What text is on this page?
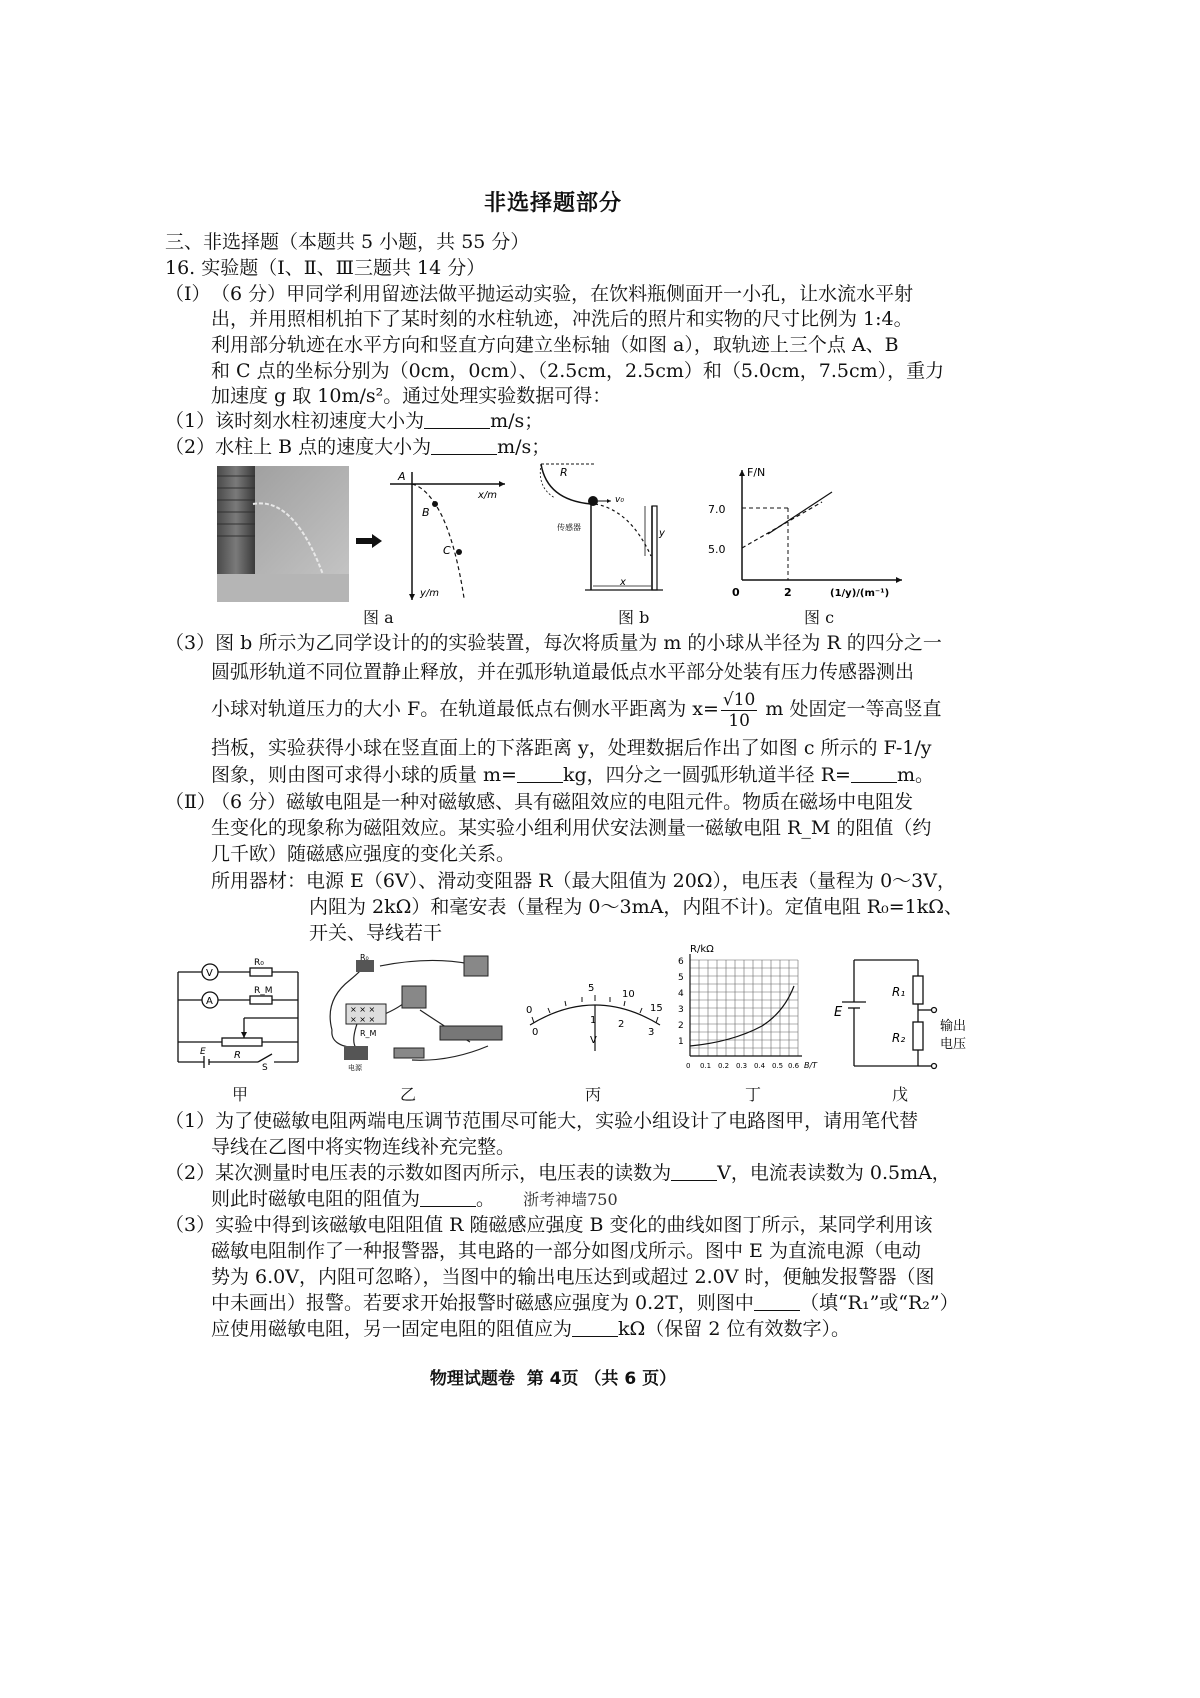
非选择题部分
三、非选择题（本题共 5 小题，共 55 分）
16. 实验题（Ⅰ、Ⅱ、Ⅲ三题共 14 分）
（Ⅰ） （6 分）甲同学利用留迹法做平抛运动实验，在饮料瓶侧面开一小孔，让水流水平射
出，并用照相机拍下了某时刻的水柱轨迹，冲洗后的照片和实物的尺寸比例为 1:4。
利用部分轨迹在水平方向和竖直方向建立坐标轴（如图 a），取轨迹上三个点 A、B
和 C 点的坐标分别为（0cm，0cm）、（2.5cm，2.5cm）和（5.0cm，7.5cm），重力
加速度 g 取 10m/s²。通过处理实验数据可得：
（1）该时刻水柱初速度大小为	m/s；
（2）水柱上 B 点的速度大小为	m/s；
A
B
C
x/m
y/m
R
v₀
传感器
y
x
F/N
7.0
5.0
0	2	(1/y)/(m⁻¹)
图 a	图 b	图 c
（3）图 b 所示为乙同学设计的的实验装置，每次将质量为 m 的小球从半径为 R 的四分之一
圆弧形轨道不同位置静止释放，并在弧形轨道最低点水平部分处装有压力传感器测出
小球对轨道压力的大小 F。在轨道最低点右侧水平距离为 $x= \frac{√10}{10}$ m 处固定一等高竖直
挡板，实验获得小球在竖直面上的下落距离 y，处理数据后作出了如图 c 所示的 F-1/y
图象，则由图可求得小球的质量 m= kg，四分之一圆弧形轨道半径 R= m。
（Ⅱ）
（6 分）磁敏电阻是一种对磁敏感、具有磁阻效应的电阻元件。物质在磁场中电阻发
生变化的现象称为磁阻效应。某实验小组利用伏安法测量一磁敏电阻 R_M 的阻值（约
几千欧）随磁感应强度的变化关系。
所用器材：电源 E（6V）、滑动变阻器 R（最大阻值为 20Ω），电压表（量程为 0～3V，
内阻为 2kΩ）和毫安表（量程为 0～3mA，内阻不计)。定值电阻 R₀=1kΩ、
开关、导线若干
V
A
R₀
R_M
R
E
S
× × ×
× × ×
R₀
R_M
电源
0
5
10
15
0
1 2
3
V
R/kΩ
6
5
4
3
2
1
0 0.1 0.2 0.3 0.4 0.5 0.6 B/T
E
R₁
R₂
输出
电压
甲	乙	丙	丁	戊
（1）为了使磁敏电阻两端电压调节范围尽可能大，实验小组设计了电路图甲，请用笔代替
导线在乙图中将实物连线补充完整。
（2）某次测量时电压表的示数如图丙所示，电压表的读数为 V，电流表读数为 0.5mA，
则此时磁敏电阻的阻值为	。 浙考神墙750
（3）实验中得到该磁敏电阻阻值 R 随磁感应强度 B 变化的曲线如图丁所示，某同学利用该
磁敏电阻制作了一种报警器，其电路的一部分如图戊所示。图中 E 为直流电源（电动
势为 6.0V，内阻可忽略），当图中的输出电压达到或超过 2.0V 时，便触发报警器（图
中未画出）报警。若要求开始报警时磁感应强度为 0.2T，则图中 （填“R₁”或“R₂”）
应使用磁敏电阻，另一固定电阻的阻值应为 kΩ（保留 2 位有效数字）。
物理试题卷  第 4页 （共 6 页）
